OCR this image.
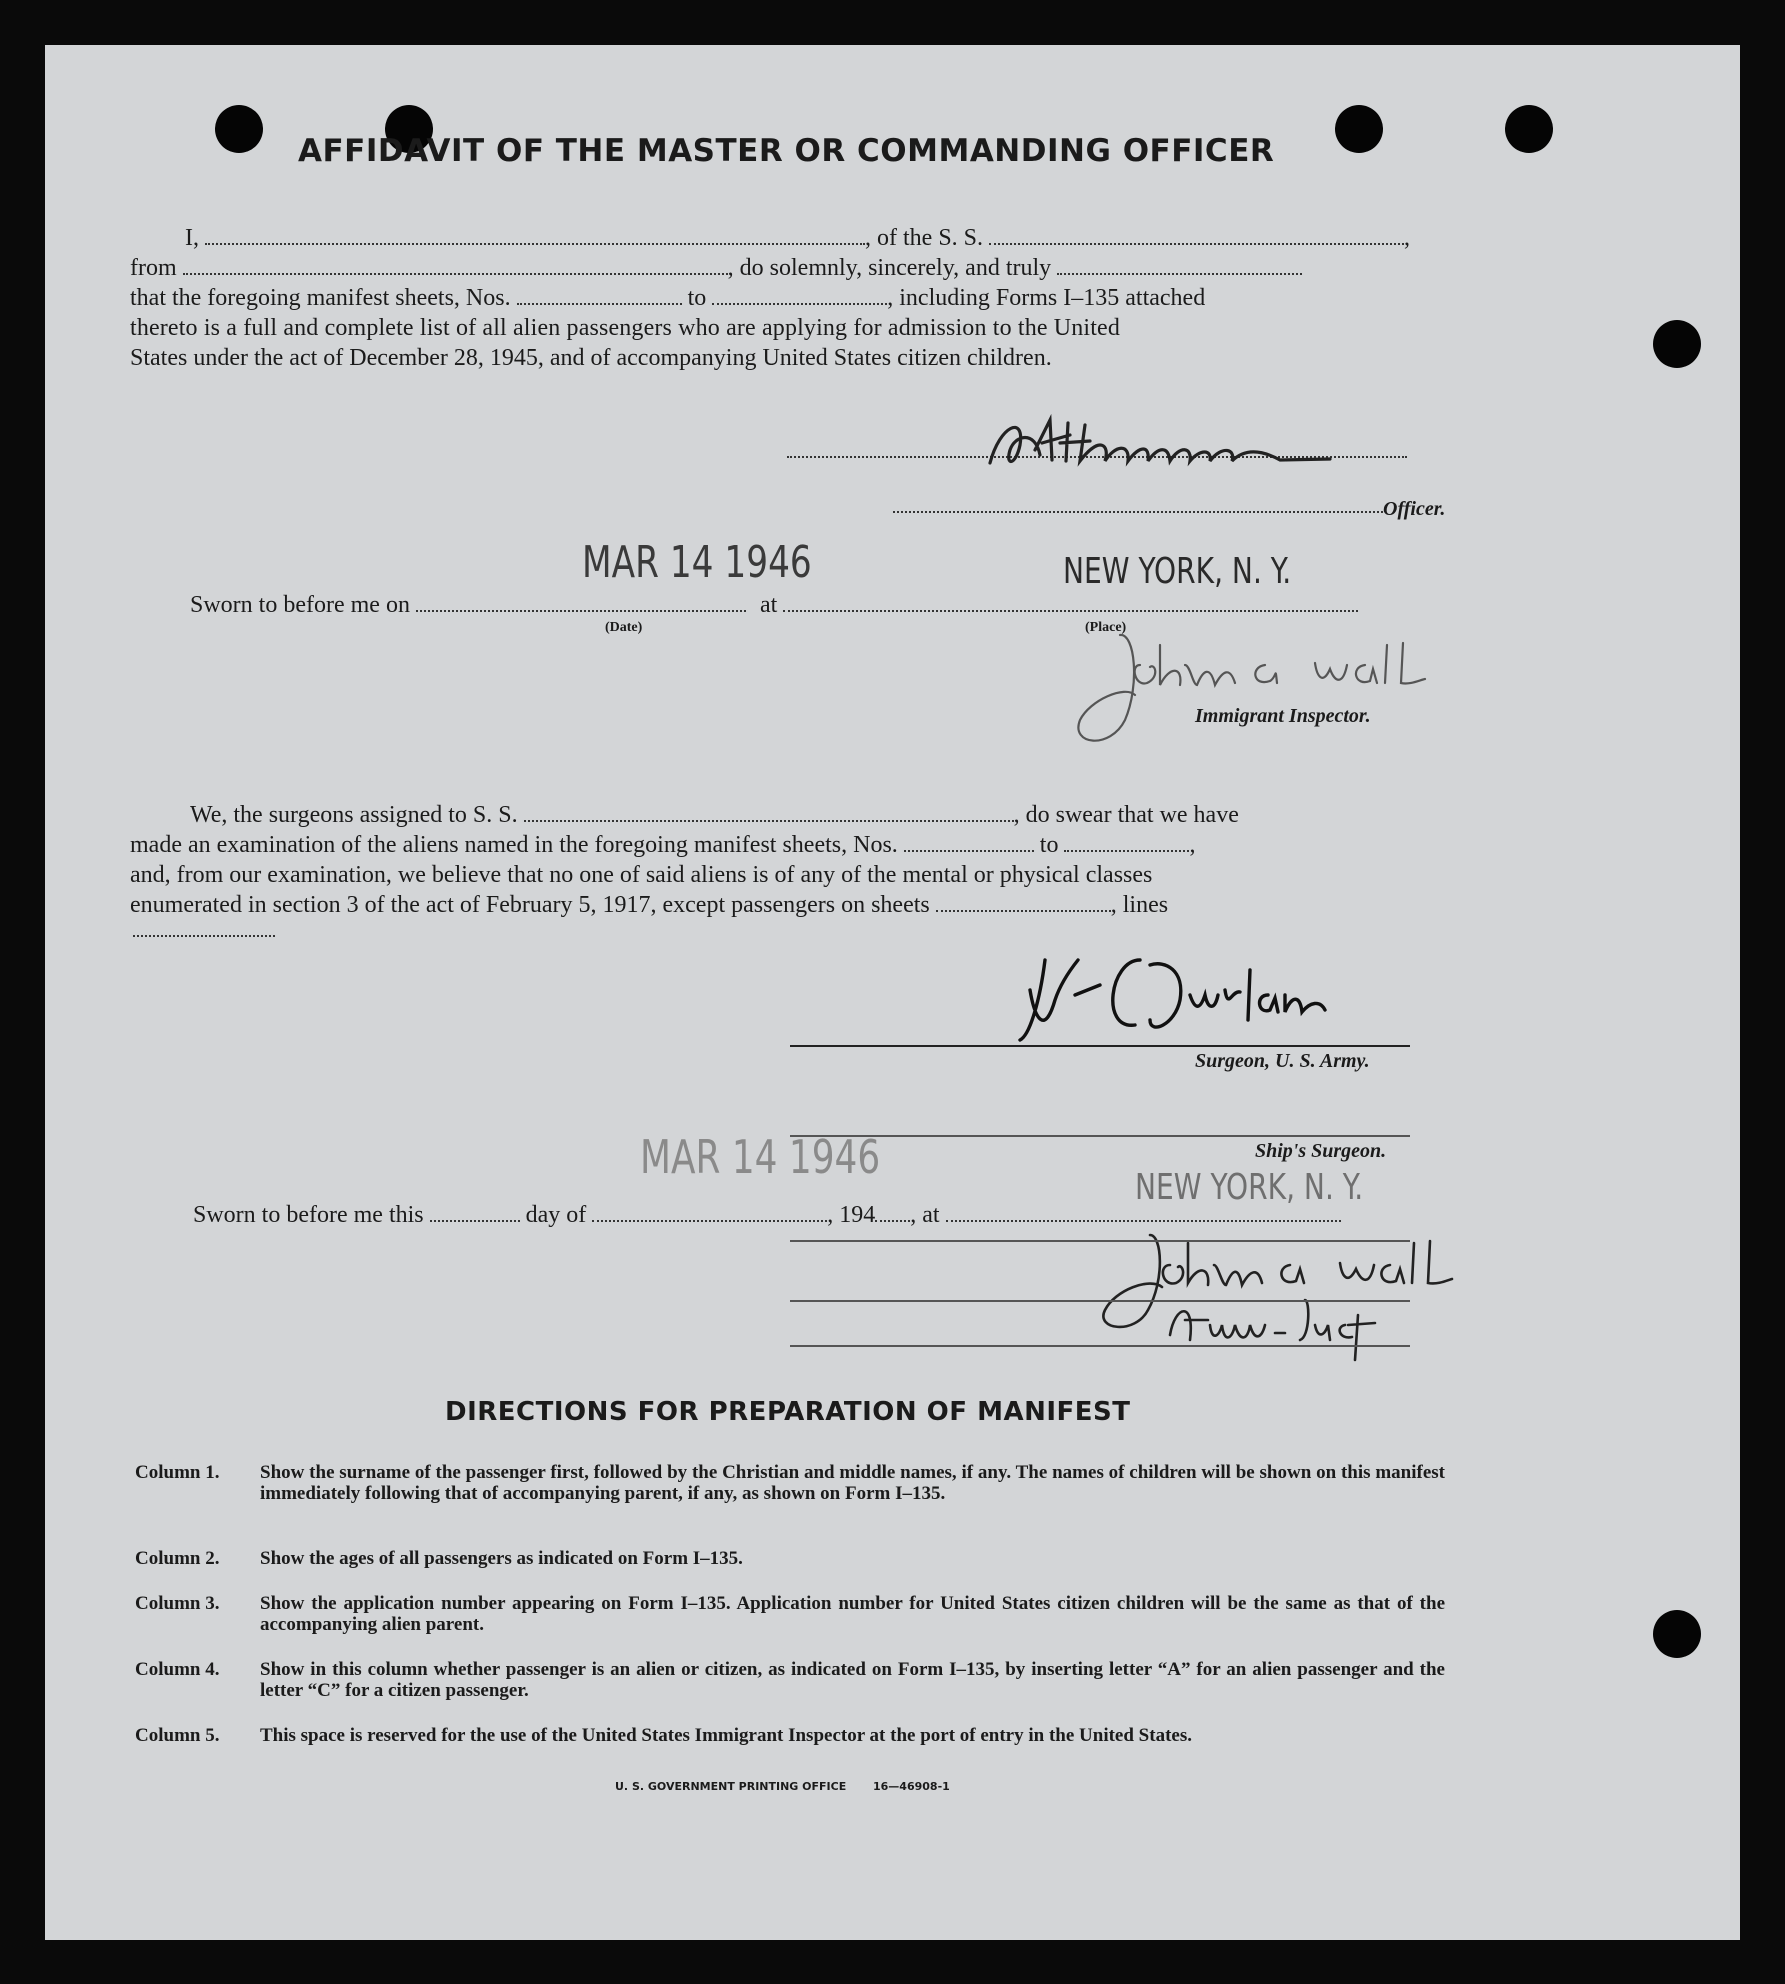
AFFIDAVIT OF THE MASTER OR COMMANDING OFFICER
I,	, of the S. S.	,
from	, do solemnly, sincerely, and truly
that the foregoing manifest sheets, Nos.	to	, including Forms I–135 attached
thereto is a full and complete list of all alien passengers who are applying for admission to the United
States under the act of December 28, 1945, and of accompanying United States citizen children.
Officer.
Sworn to before me on	at
MAR 14 1946	NEW YORK, N. Y.
(Date)	(Place)
Immigrant Inspector.
We, the surgeons assigned to S. S.	, do swear that we have
made an examination of the aliens named in the foregoing manifest sheets, Nos.	to	,
and, from our examination, we believe that no one of said aliens is of any of the mental or physical classes
enumerated in section 3 of the act of February 5, 1917, except passengers on sheets	, lines
Surgeon, U. S. Army.
Ship's Surgeon.
MAR 14 1946
NEW YORK, N. Y.
Sworn to before me this	day of	, 194 , at
DIRECTIONS FOR PREPARATION OF MANIFEST
Column 1.	Show the surname of the passenger first, followed by the Christian and middle names, if any. The names of children will be shown on this manifest immediately following that of accompanying parent, if any, as shown on Form I–135.
Column 2.	Show the ages of all passengers as indicated on Form I–135.
Column 3.	Show the application number appearing on Form I–135. Application number for United States citizen children will be the same as that of the accompanying alien parent.
Column 4.	Show in this column whether passenger is an alien or citizen, as indicated on Form I–135, by inserting letter “A” for an alien passenger and the letter “C” for a citizen passenger.
Column 5.	This space is reserved for the use of the United States Immigrant Inspector at the port of entry in the United States.
U. S. GOVERNMENT PRINTING OFFICE 16—46908-1
